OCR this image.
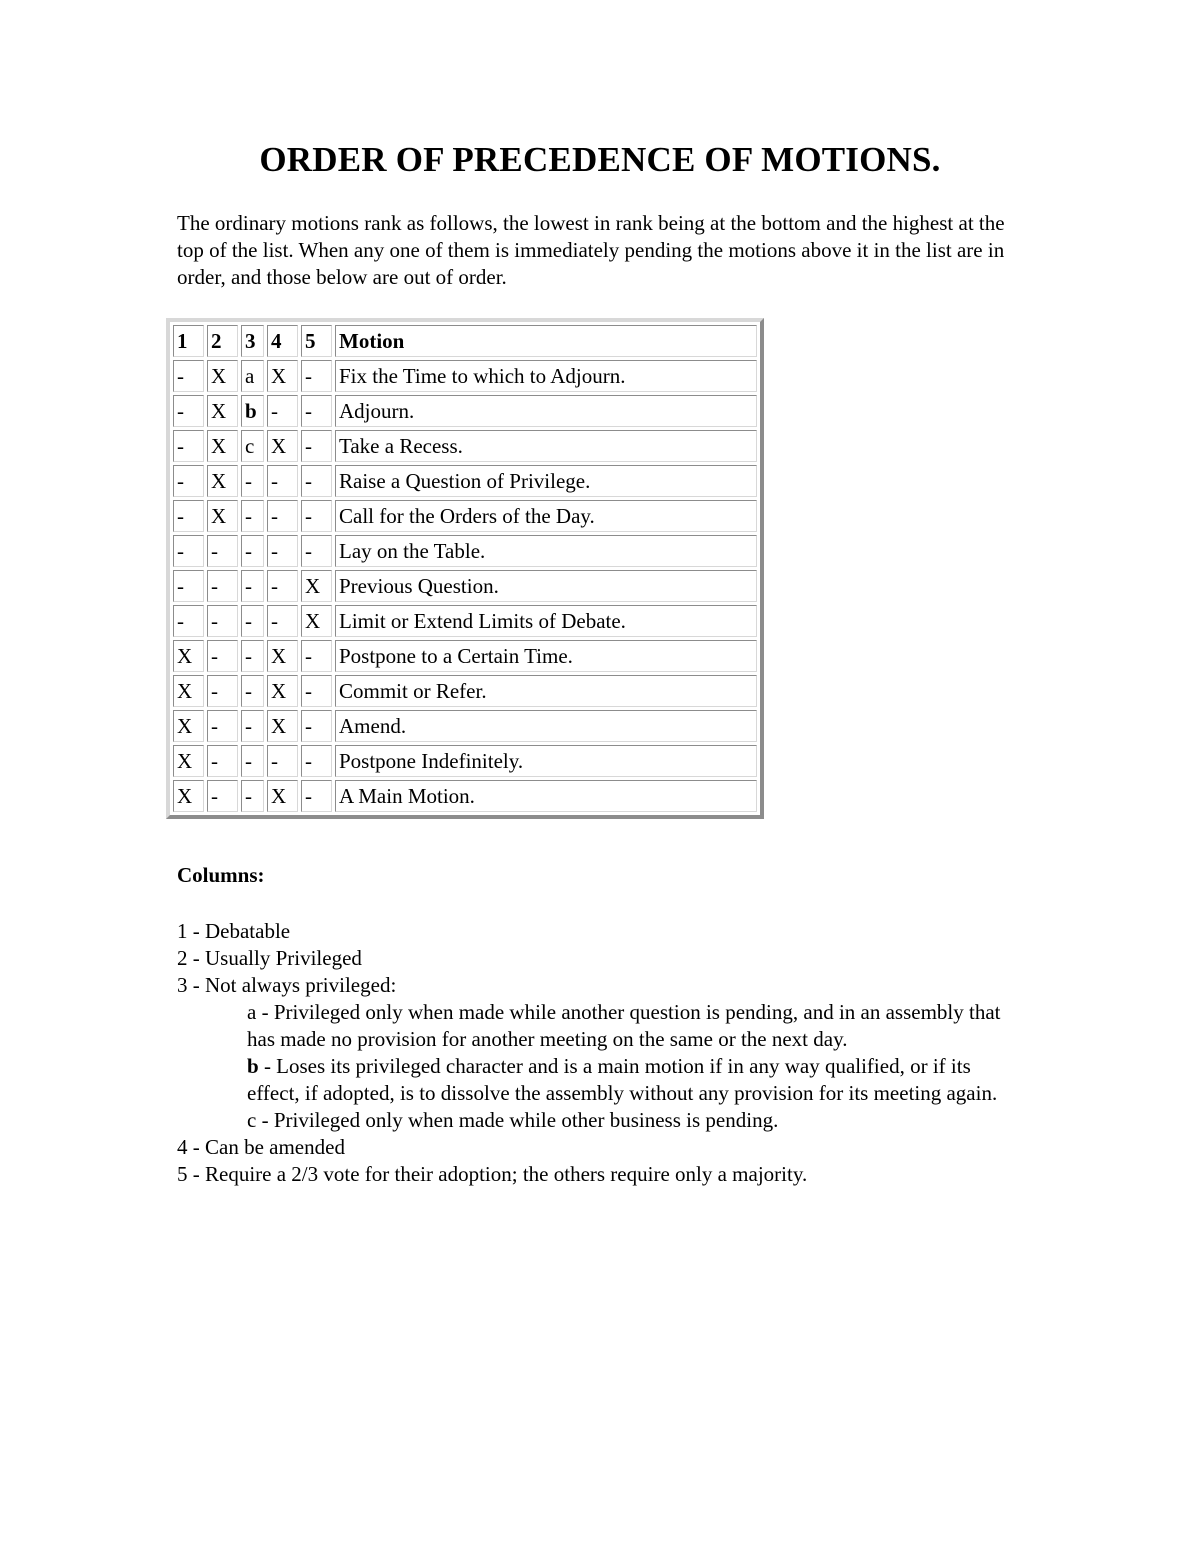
ORDER OF PRECEDENCE OF MOTIONS.

The ordinary motions rank as follows, the lowest in rank being at the bottom and the highest at the top of the list. When any one of them is immediately pending the motions above it in the list are in order, and those below are out of order.

1	2	3	4	5	Motion
-	X	a	X	-	Fix the Time to which to Adjourn.
-	X	b	-	-	Adjourn.
-	X	c	X	-	Take a Recess.
-	X	-	-	-	Raise a Question of Privilege.
-	X	-	-	-	Call for the Orders of the Day.
-	-	-	-	-	Lay on the Table.
-	-	-	-	X	Previous Question.
-	-	-	-	X	Limit or Extend Limits of Debate.
X	-	-	X	-	Postpone to a Certain Time.
X	-	-	X	-	Commit or Refer.
X	-	-	X	-	Amend.
X	-	-	-	-	Postpone Indefinitely.
X	-	-	X	-	A Main Motion.

Columns:

1 - Debatable

2 - Usually Privileged

3 - Not always privileged:

a - Privileged only when made while another question is pending, and in an assembly that has made no provision for another meeting on the same or the next day.

b - Loses its privileged character and is a main motion if in any way qualified, or if its effect, if adopted, is to dissolve the assembly without any provision for its meeting again.

c - Privileged only when made while other business is pending.

4 - Can be amended

5 - Require a 2/3 vote for their adoption; the others require only a majority.
